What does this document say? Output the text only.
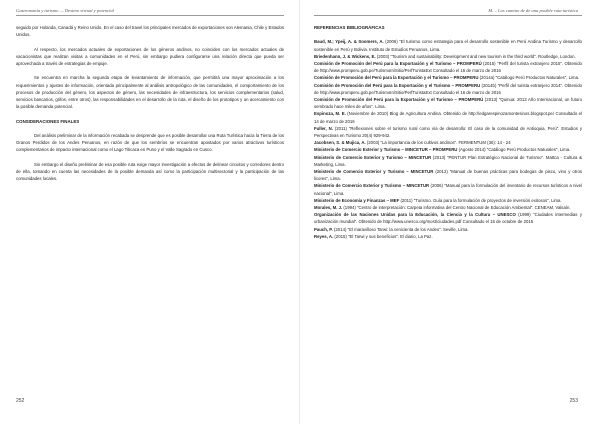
Gastronomía y turismo — Destino virtual y potencial

seguido por Holanda, Canadá y Reino Unido. En el caso del travel los principales mercados de exportaciones son Alemania, Chile y Estados Unidos.

Al respecto, los mercados actuales de exportaciones de los géneros andinos, no coinciden con los mercados actuales de vacacionistas que realizan visitas a comunidades en el Perú, sin embargo pudiera configurarse una relación directa que pueda ser aprovechada a través de estrategias de empuje.

Se encuentra en marcha la segunda etapa de levantamiento de información, que permitirá una mayor aproximación a los requerimientos y ajustes de información, orientada principalmente al análisis antropológico de las comunidades, el comportamiento de los procesos de producción del género, los aspectos de género, las necesidades de infraestructura, los servicios complementarios (salud, servicios bancarios, grifos, entre otros), las responsabilidades en el desarrollo de la ruta, el diseño de los prototipos y un acercamiento con la posible demanda potencial.

CONSIDERACIONES FINALES

Del análisis preliminar de la información recabada se desprende que es posible desarrollar una Ruta Turística hacia la Tierra de los Granos Perdidos de los Andes Peruanos, en razón de que los sembríos se encuentran apostados por varios atractivos turísticos complementarios de impacto internacional como el Lago Titicaca en Puno y el Valle Sagrado en Cusco.

Sin embargo el diseño preliminar de esa posible ruta exige mayor investigación a efectos de delinear circuitos y corredores dentro de ella, tomando en cuenta las necesidades de la posible demanda así como la participación multisectorial y la participación de las comunidades locales.

252
M. – Los camino de de una posible ruta turística

REFERENCIAS BIBLIOGRÁFICAS

Baud, M.; Ypeij, A. & Soomers, A. (2006) "El turismo como estrategia para el desarrollo sostenible en Perú Andina Turismo y desarrollo sostenible en Perú y Bolivia. Instituto de Estudios Peruanos, Lima.

Briedenhann, J. & Wickens, E. (2003) "Tourism and sustainability: Development and new tourism in the third world". Routledge, London.

Comisión de Promoción del Perú para la Exportación y el Turismo – PROMPERÚ (2015) "Perfil del turista extranjero 2015". Obtenido de http://www.promperu.gob.pe/TurismoIn/Sitio/PerfTuristaExt Consultado el 16 de marzo de 2016

Comisión de Promoción del Perú para la Exportación y el Turismo – PROMPERU (2014a) "Catálogo Perú Productos Naturales", Lima.

Comisión de Promoción del Perú para la Exportación y el Turismo – PROMPERU (2014b) "Perfil del turista extranjero 2014". Obtenido de http://www.promperu.gob.pe/TurismoIn/Sitio/PerfTuristaExt Consultado el 16 de marzo de 2016

Comisión de Promoción del Perú para la Exportación y el Turismo – PROMPERÚ (2013) "Quinua: 2013 Año Internacional, un futuro sembrado hace miles de años". Lima.

Espinoza, M. E. (Noviembre de 2010) Blog de Agricultura Andina. Obtenido de http://edgarespinozamontesinos.blogspot.pe/ Consultado el 14 de marzo de 2016

Fuller, N. (2011) "Reflexiones sobre el turismo rural como vía de desarrollo: El caso de la comunidad de Antioquia, Perú". Estudios y Perspectivas en Turismo 20(4) 929-942.

Jacobsen, S. & Mujica, A. (2003) "La importancia de los cultivos andinos". FERMENTUM (36): 14 - 24

Ministerio de Comercio Exterior y Turismo – MINCETUR – PROMPERU (Agosto 2014) "Catálogo Perú Productos Naturales", Lima.

Ministerio de Comercio Exterior y Turismo – MINCETUR (2013) "PENTUR Plan Estratégico Nacional de Turismo". Mattca - Cultura & Marketing, Lima.

Ministerio de Comercio Exterior y Turismo – MINCETUR (2012) "Manual de buenas prácticas para bodegas de pisco, vino y otros licores", Lima.

Ministerio de Comercio Exterior y Turismo – MINCETUR (2006) "Manual para la formulación del inventario de recursos turísticos a nivel nacional", Lima.

Ministerio de Economía y Finanzas – MEF (2011) "Turismo. Guía para la formulación de proyectos de inversión exitosos", Lima.

Morales, M. J. (1994) "Centro de interpretación: Carpeta informativa del Centro Nacional de Educación Ambiental". CENEAM, Valsaín.

Organización de las Naciones Unidas para la Educación, la Ciencia y la Cultura – UNESCO (1999) "Ciudades intermedias y urbanización mundial". Obtenido de http://www.unesco.org/most/ciudades.pdf Consultado el 15 de octubre de 2015

Pauch, P. (2014) "El maravilloso Tarwi: la cenicienta de los Andes". Seville, Lima.

Reyes, A. (2015) "El Tarwi y sus beneficios". El diario, La Paz.

253
